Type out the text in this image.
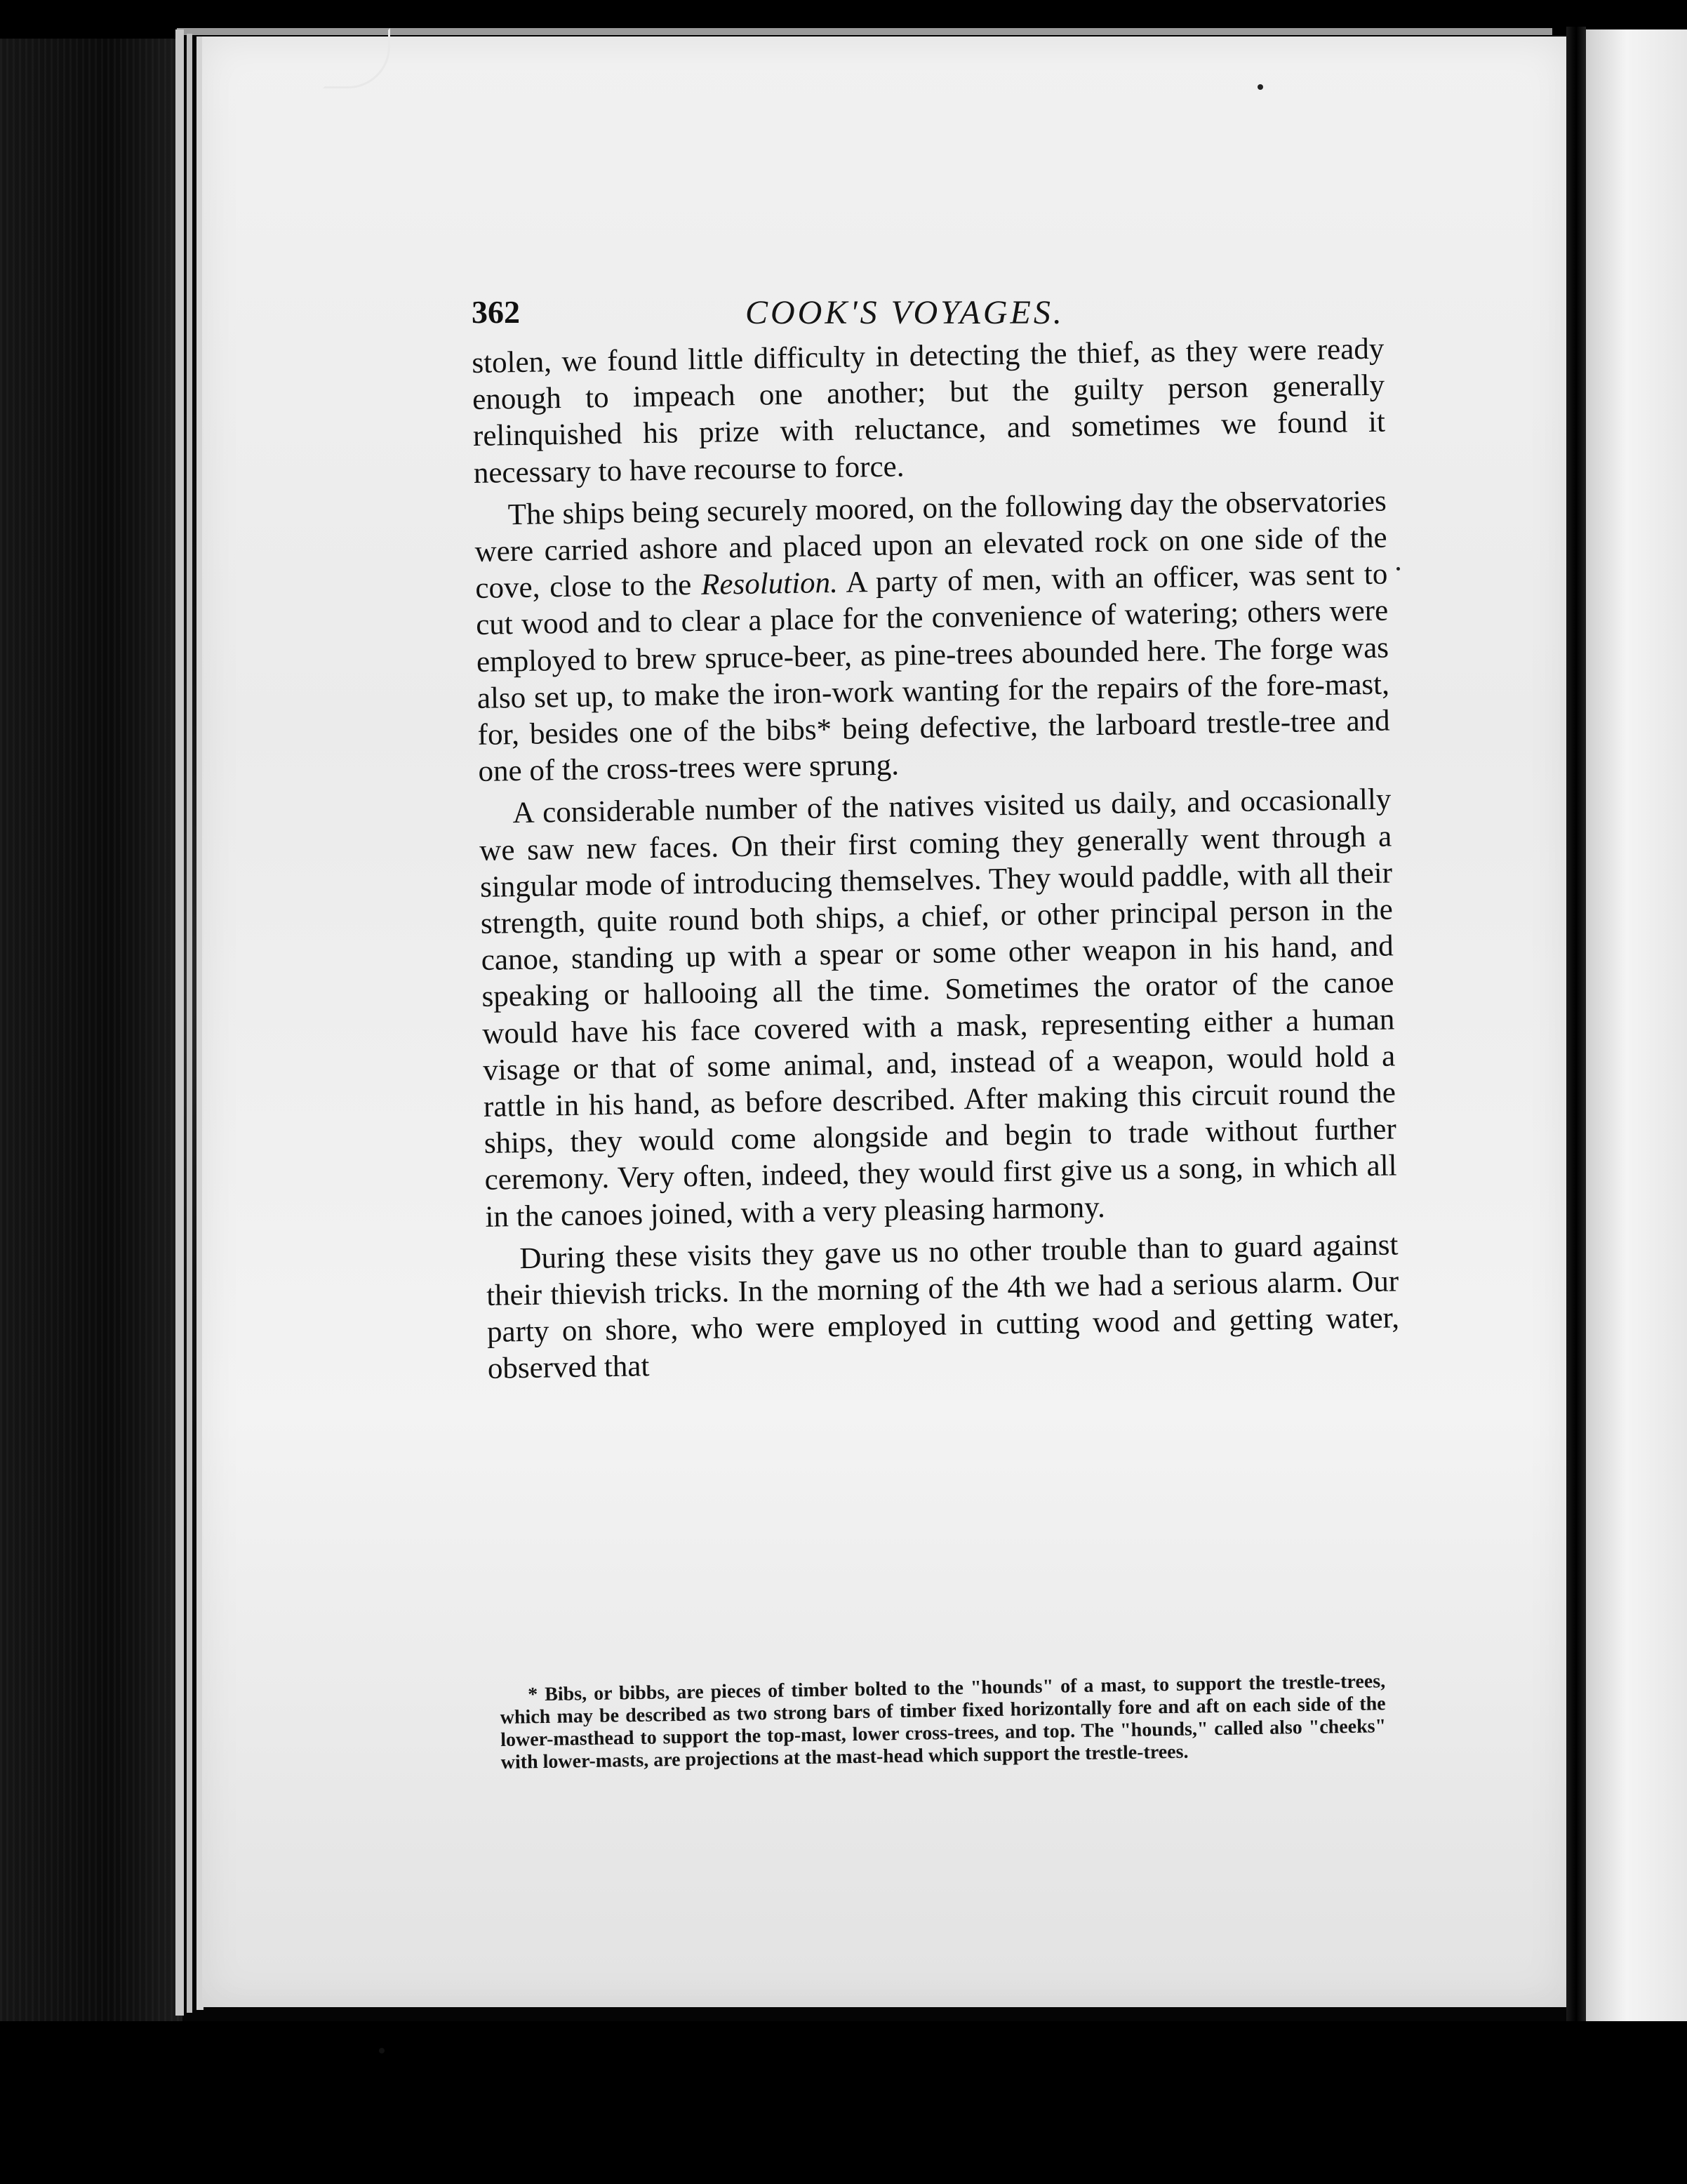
362	COOK'S VOYAGES.

stolen, we found little difficulty in detecting the thief, as they were ready enough to impeach one another; but the guilty person generally relinquished his prize with reluctance, and sometimes we found it necessary to have recourse to force.

The ships being securely moored, on the following day the observatories were carried ashore and placed upon an elevated rock on one side of the cove, close to the Resolution. A party of men, with an officer, was sent to cut wood and to clear a place for the convenience of watering; others were employed to brew spruce-beer, as pine-trees abounded here. The forge was also set up, to make the iron-work wanting for the repairs of the fore-mast, for, besides one of the bibs* being defective, the larboard trestle-tree and one of the cross-trees were sprung.

A considerable number of the natives visited us daily, and occasionally we saw new faces. On their first coming they generally went through a singular mode of introducing themselves. They would paddle, with all their strength, quite round both ships, a chief, or other principal person in the canoe, standing up with a spear or some other weapon in his hand, and speaking or hallooing all the time. Sometimes the orator of the canoe would have his face covered with a mask, representing either a human visage or that of some animal, and, instead of a weapon, would hold a rattle in his hand, as before described. After making this circuit round the ships, they would come alongside and begin to trade without further ceremony. Very often, indeed, they would first give us a song, in which all in the canoes joined, with a very pleasing harmony.

During these visits they gave us no other trouble than to guard against their thievish tricks. In the morning of the 4th we had a serious alarm. Our party on shore, who were employed in cutting wood and getting water, observed that

* Bibs, or bibbs, are pieces of timber bolted to the "hounds" of a mast, to support the trestle-trees, which may be described as two strong bars of timber fixed horizontally fore and aft on each side of the lower-masthead to support the top-mast, lower cross-trees, and top. The "hounds," called also "cheeks" with lower-masts, are projections at the mast-head which support the trestle-trees.
